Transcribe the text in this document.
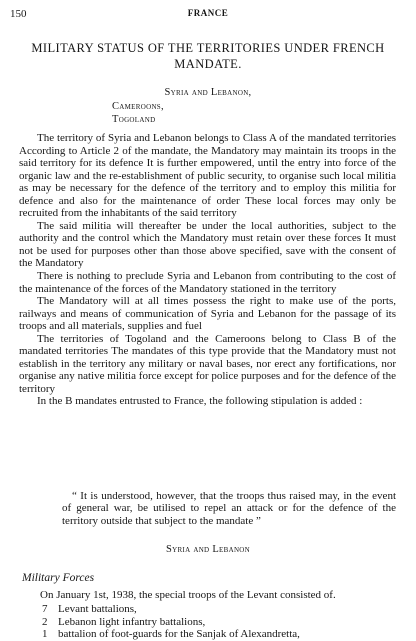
150	FRANCE
MILITARY STATUS OF THE TERRITORIES UNDER FRENCH MANDATE.
Syria and Lebanon,
Cameroons,
Togoland

The territory of Syria and Lebanon belongs to Class A of the mandated territories According to Article 2 of the mandate, the Mandatory may maintain its troops in the said territory for its defence It is further empowered, until the entry into force of the organic law and the re-establishment of public security, to organise such local militia as may be necessary for the defence of the territory and to employ this militia for defence and also for the maintenance of order These local forces may only be recruited from the inhabitants of the said territory

The said militia will thereafter be under the local authorities, subject to the authority and the control which the Mandatory must retain over these forces It must not be used for purposes other than those above specified, save with the consent of the Mandatory

There is nothing to preclude Syria and Lebanon from contributing to the cost of the maintenance of the forces of the Mandatory stationed in the territory

The Mandatory will at all times possess the right to make use of the ports, railways and means of communication of Syria and Lebanon for the passage of its troops and all materials, supplies and fuel

The territories of Togoland and the Cameroons belong to Class B of the mandated territories The mandates of this type provide that the Mandatory must not establish in the territory any military or naval bases, nor erect any fortifications, nor organise any native militia force except for police purposes and for the defence of the territory

In the B mandates entrusted to France, the following stipulation is added :

“ It is understood, however, that the troops thus raised may, in the event of general war, be utilised to repel an attack or for the defence of the territory outside that subject to the mandate ”

Syria and Lebanon
Military Forces
On January 1st, 1938, the special troops of the Levant consisted of.
7 Levant battalions,
2 Lebanon light infantry battalions,
1 battalion of foot-guards for the Sanjak of Alexandretta,
